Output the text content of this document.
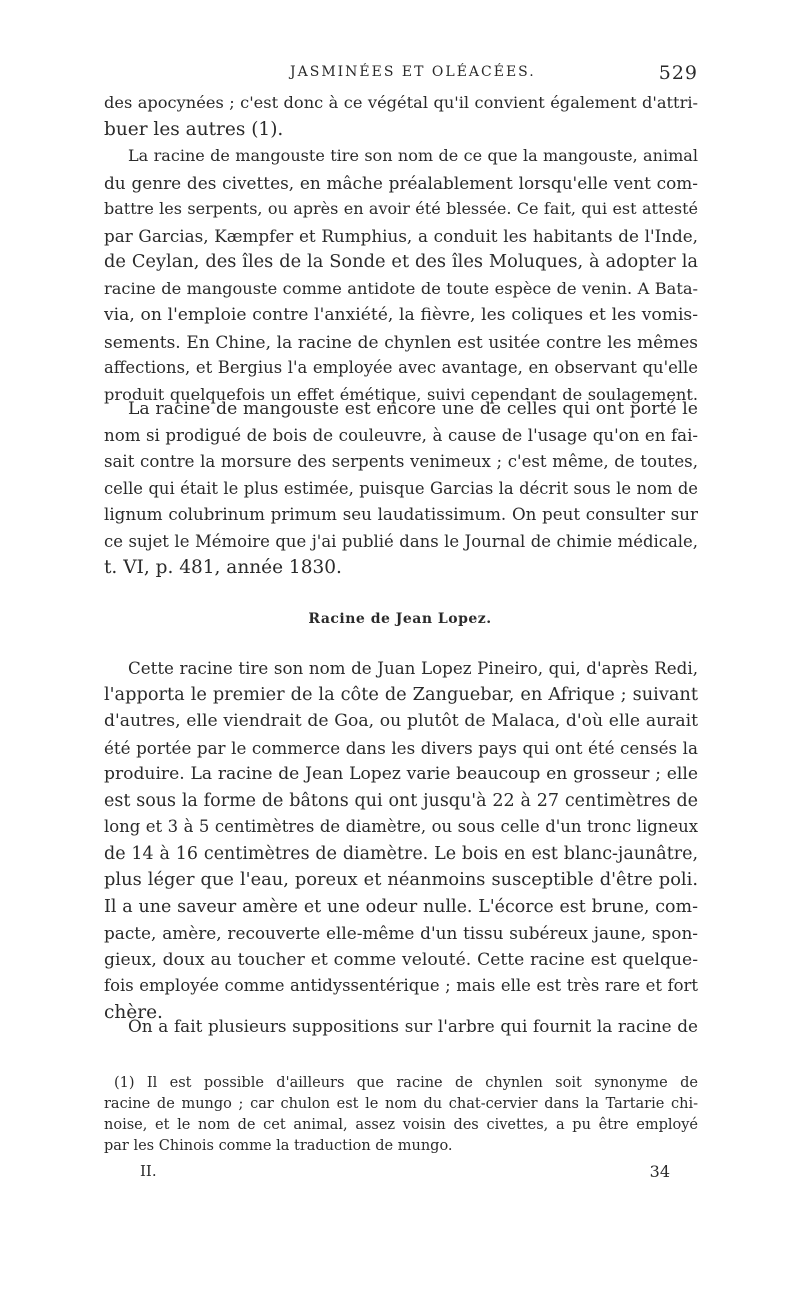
JASMINÉES ET OLÉACÉES.	529
des apocynées ; c'est donc à ce végétal qu'il convient également d'attri-
buer les autres (1).
La racine de mangouste tire son nom de ce que la mangouste, animal
du genre des civettes, en mâche préalablement lorsqu'elle vent com-
battre les serpents, ou après en avoir été blessée. Ce fait, qui est attesté
par Garcias, Kæmpfer et Rumphius, a conduit les habitants de l'Inde,
de Ceylan, des îles de la Sonde et des îles Moluques, à adopter la
racine de mangouste comme antidote de toute espèce de venin. A Bata-
via, on l'emploie contre l'anxiété, la fièvre, les coliques et les vomis-
sements. En Chine, la racine de chynlen est usitée contre les mêmes
affections, et Bergius l'a employée avec avantage, en observant qu'elle
produit quelquefois un effet émétique, suivi cependant de soulagement.
La racine de mangouste est encore une de celles qui ont porté le
nom si prodigué de bois de couleuvre, à cause de l'usage qu'on en fai-
sait contre la morsure des serpents venimeux ; c'est même, de toutes,
celle qui était le plus estimée, puisque Garcias la décrit sous le nom de
lignum colubrinum primum seu laudatissimum. On peut consulter sur
ce sujet le Mémoire que j'ai publié dans le Journal de chimie médicale,
t. VI, p. 481, année 1830.
Racine de Jean Lopez.
Cette racine tire son nom de Juan Lopez Pineiro, qui, d'après Redi,
l'apporta le premier de la côte de Zanguebar, en Afrique ; suivant
d'autres, elle viendrait de Goa, ou plutôt de Malaca, d'où elle aurait
été portée par le commerce dans les divers pays qui ont été censés la
produire. La racine de Jean Lopez varie beaucoup en grosseur ; elle
est sous la forme de bâtons qui ont jusqu'à 22 à 27 centimètres de
long et 3 à 5 centimètres de diamètre, ou sous celle d'un tronc ligneux
de 14 à 16 centimètres de diamètre. Le bois en est blanc-jaunâtre,
plus léger que l'eau, poreux et néanmoins susceptible d'être poli.
Il a une saveur amère et une odeur nulle. L'écorce est brune, com-
pacte, amère, recouverte elle-même d'un tissu subéreux jaune, spon-
gieux, doux au toucher et comme velouté. Cette racine est quelque-
fois employée comme antidyssentérique ; mais elle est très rare et fort
chère.
On a fait plusieurs suppositions sur l'arbre qui fournit la racine de
(1) Il est possible d'ailleurs que racine de chynlen soit synonyme de
racine de mungo ; car chulon est le nom du chat-cervier dans la Tartarie chi-
noise, et le nom de cet animal, assez voisin des civettes, a pu être employé
par les Chinois comme la traduction de mungo.
II.	34
